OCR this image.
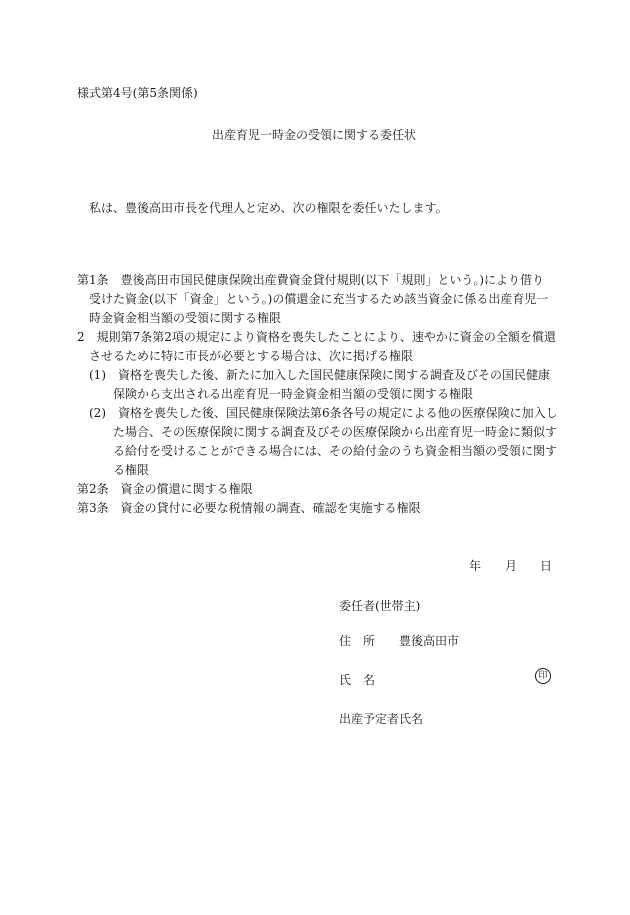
様式第4号(第5条関係)
出産育児一時金の受領に関する委任状
私は、豊後高田市長を代理人と定め、次の権限を委任いたします。
第1条　豊後高田市国民健康保険出産費資金貸付規則(以下「規則」という。)により借り
受けた資金(以下「資金」という。)の償還金に充当するため該当資金に係る出産育児一
時金資金相当額の受領に関する権限
2　規則第7条第2項の規定により資格を喪失したことにより、速やかに資金の全額を償還
させるために特に市長が必要とする場合は、次に掲げる権限
(1)　資格を喪失した後、新たに加入した国民健康保険に関する調査及びその国民健康
保険から支出される出産育児一時金資金相当額の受領に関する権限
(2)　資格を喪失した後、国民健康保険法第6条各号の規定による他の医療保険に加入し
た場合、その医療保険に関する調査及びその医療保険から出産育児一時金に類似す
る給付を受けることができる場合には、その給付金のうち資金相当額の受領に関す
る権限
第2条　資金の償還に関する権限
第3条　資金の貸付に必要な税情報の調査、確認を実施する権限
年 月 日
委任者(世帯主)
住　所 豊後高田市
氏　名	印
出産予定者氏名
